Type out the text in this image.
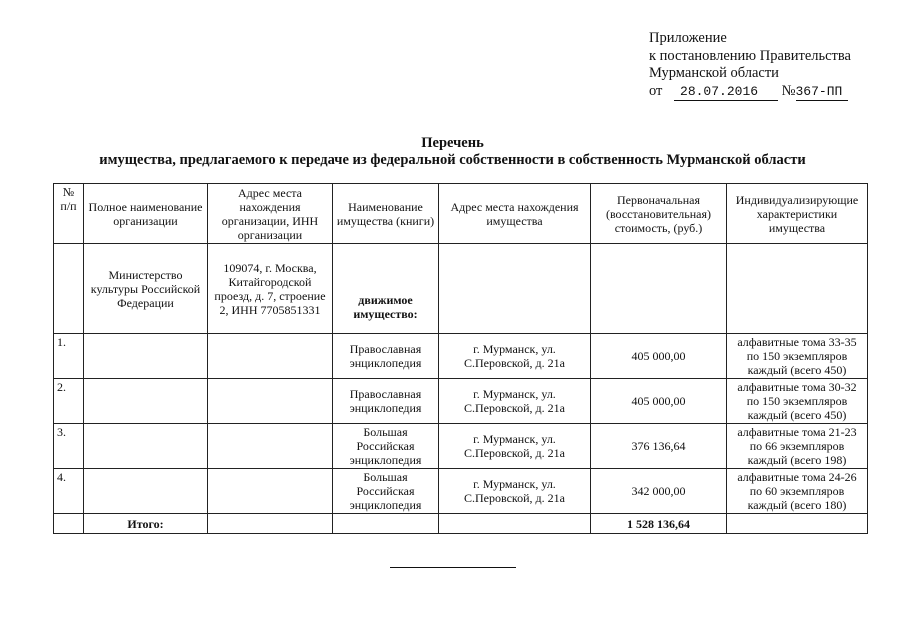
Приложение
к постановлению Правительства
Мурманской области
от 28.07.2016 №367-ПП
Перечень
имущества, предлагаемого к передаче из федеральной собственности в собственность Мурманской области
№ п/п	Полное наименование организации	Адрес места нахождения организации, ИНН организации	Наименование имущества (книги)	Адрес места нахождения имущества	Первоначальная (восстановительная) стоимость, (руб.)	Индивидуализирующие характеристики имущества
	Министерство культуры Российской Федерации	109074, г. Москва, Китайгородской проезд, д. 7, строение 2, ИНН 7705851331	движимое имущество:			
1.			Православная энциклопедия	г. Мурманск, ул. С.Перовской, д. 21а	405 000,00	алфавитные тома 33-35 по 150 экземпляров каждый (всего 450)
2.			Православная энциклопедия	г. Мурманск, ул. С.Перовской, д. 21а	405 000,00	алфавитные тома 30-32 по 150 экземпляров каждый (всего 450)
3.			Большая Российская энциклопедия	г. Мурманск, ул. С.Перовской, д. 21а	376 136,64	алфавитные тома 21-23 по 66 экземпляров каждый (всего 198)
4.			Большая Российская энциклопедия	г. Мурманск, ул. С.Перовской, д. 21а	342 000,00	алфавитные тома 24-26 по 60 экземпляров каждый (всего 180)
	Итого:				1 528 136,64	
